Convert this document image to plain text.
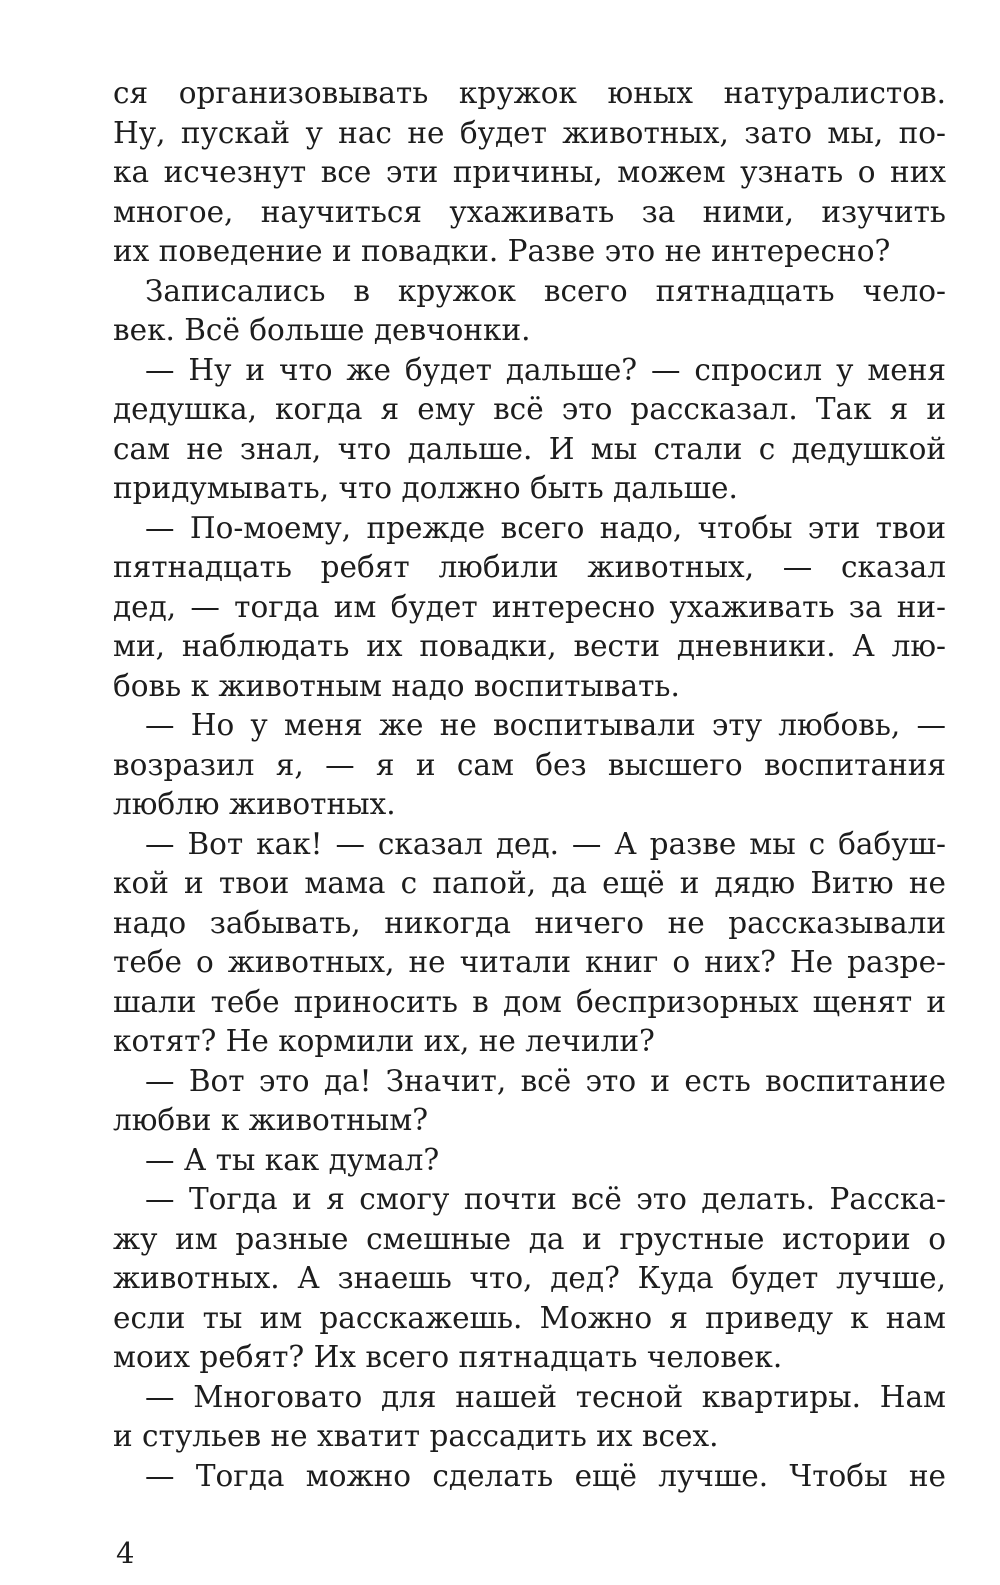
ся организовывать кружок юных натуралистов.
Ну, пускай у нас не будет животных, зато мы, по-
ка исчезнут все эти причины, можем узнать о них
многое, научиться ухаживать за ними, изучить
их поведение и повадки. Разве это не интересно?
Записались в кружок всего пятнадцать чело-
век. Всё больше девчонки.
— Ну и что же будет дальше? — спросил у меня
дедушка, когда я ему всё это рассказал. Так я и
сам не знал, что дальше. И мы стали с дедушкой
придумывать, что должно быть дальше.
— По-моему, прежде всего надо, чтобы эти твои
пятнадцать ребят любили животных, — сказал
дед, — тогда им будет интересно ухаживать за ни-
ми, наблюдать их повадки, вести дневники. А лю-
бовь к животным надо воспитывать.
— Но у меня же не воспитывали эту любовь, —
возразил я, — я и сам без высшего воспитания
люблю животных.
— Вот как! — сказал дед. — А разве мы с бабуш-
кой и твои мама с папой, да ещё и дядю Витю не
надо забывать, никогда ничего не рассказывали
тебе о животных, не читали книг о них? Не разре-
шали тебе приносить в дом беспризорных щенят и
котят? Не кормили их, не лечили?
— Вот это да! Значит, всё это и есть воспитание
любви к животным?
— А ты как думал?
— Тогда и я смогу почти всё это делать. Расска-
жу им разные смешные да и грустные истории о
животных. А знаешь что, дед? Куда будет лучше,
если ты им расскажешь. Можно я приведу к нам
моих ребят? Их всего пятнадцать человек.
— Многовато для нашей тесной квартиры. Нам
и стульев не хватит рассадить их всех.
— Тогда можно сделать ещё лучше. Чтобы не
4
